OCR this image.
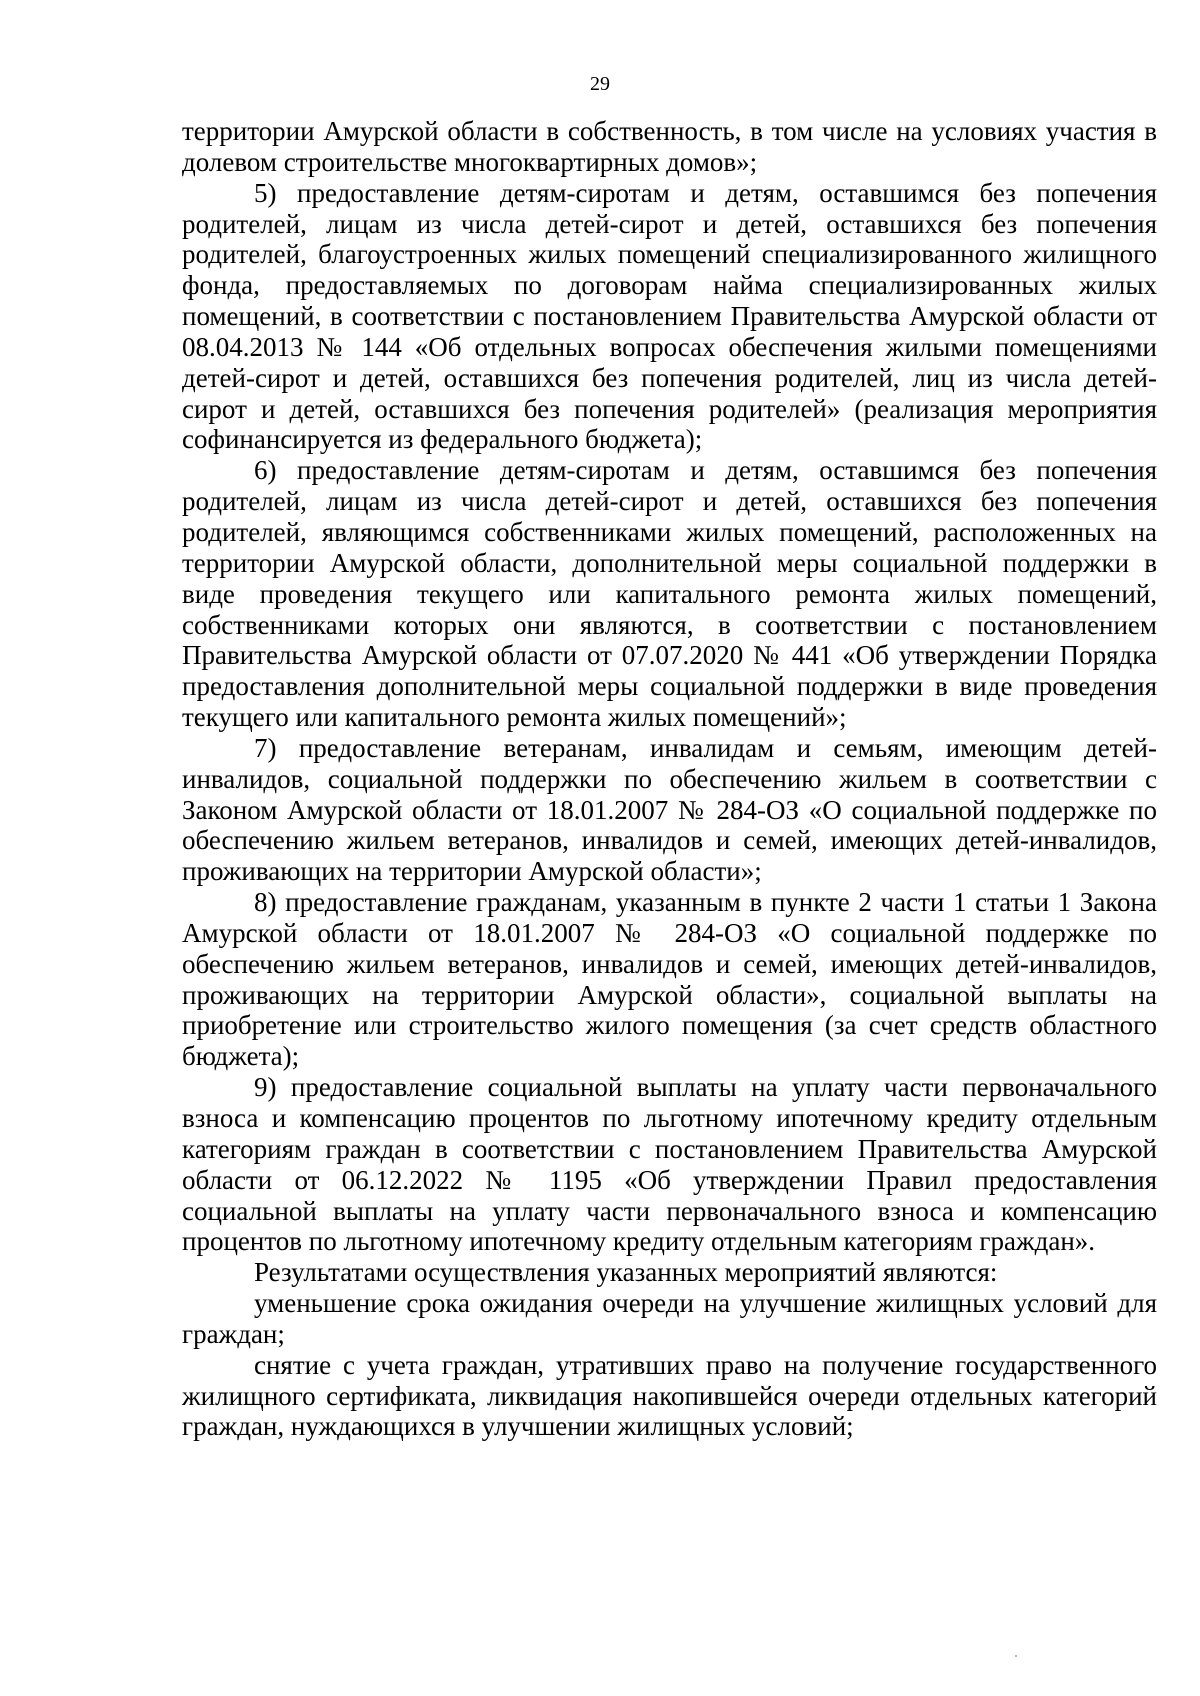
29

территории Амурской области в собственность, в том числе на условиях участия в долевом строительстве многоквартирных домов»;

5) предоставление детям-сиротам и детям, оставшимся без попечения родителей, лицам из числа детей-сирот и детей, оставшихся без попечения родителей, благоустроенных жилых помещений специализированного жилищного фонда, предоставляемых по договорам найма специализированных жилых помещений, в соответствии с постановлением Правительства Амурской области от 08.04.2013 № 144 «Об отдельных вопросах обеспечения жилыми помещениями детей-сирот и детей, оставшихся без попечения родителей, лиц из числа детей-сирот и детей, оставшихся без попечения родителей» (реализация мероприятия софинансируется из федерального бюджета);

6) предоставление детям-сиротам и детям, оставшимся без попечения родителей, лицам из числа детей-сирот и детей, оставшихся без попечения родителей, являющимся собственниками жилых помещений, расположенных на территории Амурской области, дополнительной меры социальной поддержки в виде проведения текущего или капитального ремонта жилых помещений, собственниками которых они являются, в соответствии с постановлением Правительства Амурской области от 07.07.2020 № 441 «Об утверждении Порядка предоставления дополнительной меры социальной поддержки в виде проведения текущего или капитального ремонта жилых помещений»;

7) предоставление ветеранам, инвалидам и семьям, имеющим детей-инвалидов, социальной поддержки по обеспечению жильем в соответствии с Законом Амурской области от 18.01.2007 № 284-ОЗ «О социальной поддержке по обеспечению жильем ветеранов, инвалидов и семей, имеющих детей-инвалидов, проживающих на территории Амурской области»;

8) предоставление гражданам, указанным в пункте 2 части 1 статьи 1 Закона Амурской области от 18.01.2007 № 284-ОЗ «О социальной поддержке по обеспечению жильем ветеранов, инвалидов и семей, имеющих детей-инвалидов, проживающих на территории Амурской области», социальной выплаты на приобретение или строительство жилого помещения (за счет средств областного бюджета);

9) предоставление социальной выплаты на уплату части первоначального взноса и компенсацию процентов по льготному ипотечному кредиту отдельным категориям граждан в соответствии с постановлением Правительства Амурской области от 06.12.2022 № 1195 «Об утверждении Правил предоставления социальной выплаты на уплату части первоначального взноса и компенсацию процентов по льготному ипотечному кредиту отдельным категориям граждан».

Результатами осуществления указанных мероприятий являются:

уменьшение срока ожидания очереди на улучшение жилищных условий для граждан;

снятие с учета граждан, утративших право на получение государственного жилищного сертификата, ликвидация накопившейся очереди отдельных категорий граждан, нуждающихся в улучшении жилищных условий;
